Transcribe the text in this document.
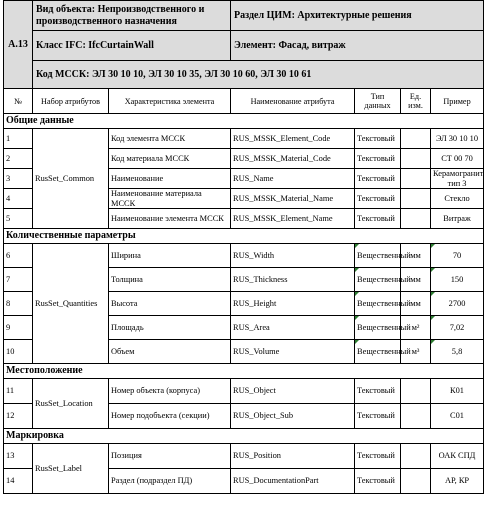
А.13	Вид объекта: Непроизводственного и производственного назначения		Раздел ЦИМ: Архитектурные решения			
	Класс IFC: IfcCurtainWall		Элемент: Фасад, витраж			
	Код МССК: ЭЛ 30 10 10, ЭЛ 30 10 35, ЭЛ 30 10 60, ЭЛ 30 10 61					
№	Набор атрибутов	Характеристика элемента	Наименование атрибута	Тип данных	Ед. изм.	Пример
Общие данные						
1	RusSet_Common	Код элемента МССК	RUS_MSSK_Element_Code	Текстовый		ЭЛ 30 10 10
2		Код материала МССК	RUS_MSSK_Material_Code	Текстовый		СТ 00 70
3		Наименование	RUS_Name	Текстовый		Керамогранит тип 3
4		Наименование материала МССК	RUS_MSSK_Material_Name	Текстовый		Стекло
5		Наименование элемента МССК	RUS_MSSK_Element_Name	Текстовый		Витраж
Количественные параметры						
6	RusSet_Quantities	Ширина	RUS_Width	Вещественный	мм	70
7		Толщина	RUS_Thickness	Вещественный	мм	150
8		Высота	RUS_Height	Вещественный	мм	2700
9		Площадь	RUS_Area	Вещественный	м²	7,02
10		Объем	RUS_Volume	Вещественный	м³	5,8
Местоположение						
11	RusSet_Location	Номер объекта (корпуса)	RUS_Object	Текстовый		К01
12		Номер подобъекта (секции)	RUS_Object_Sub	Текстовый		С01
Маркировка						
13	RusSet_Label	Позиция	RUS_Position	Текстовый		ОАК СПД
14		Раздел (подраздел ПД)	RUS_DocumentationPart	Текстовый		АР, КР
